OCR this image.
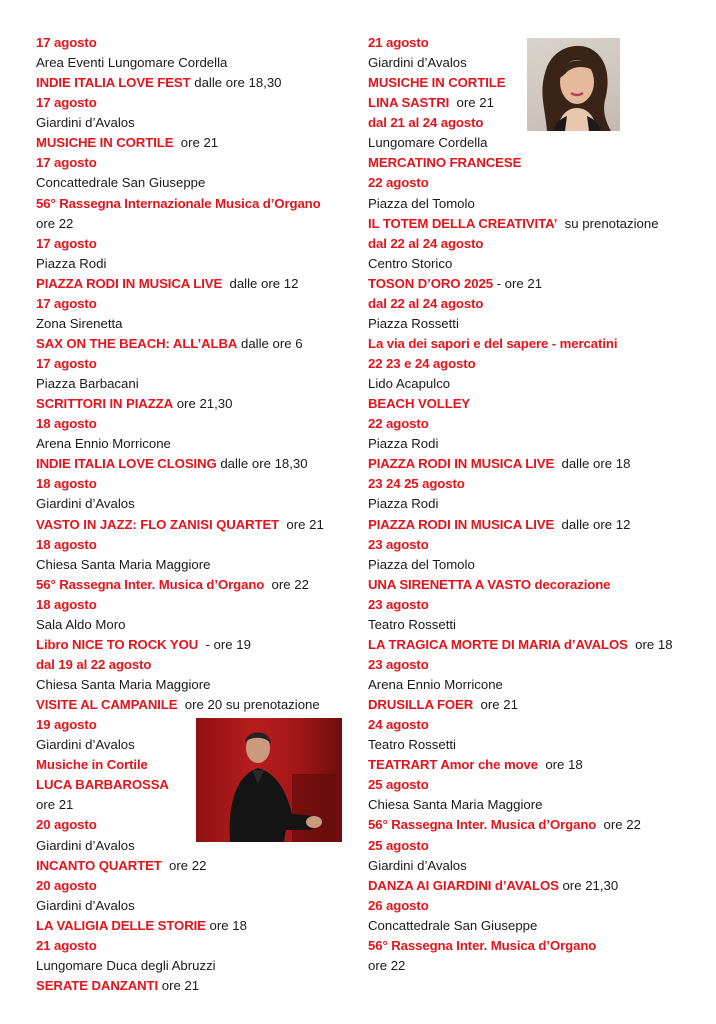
17 agosto
Area Eventi Lungomare Cordella
INDIE ITALIA LOVE FEST dalle ore 18,30
17 agosto
Giardini d’Avalos
MUSICHE IN CORTILE  ore 21
17 agosto
Concattedrale San Giuseppe
56° Rassegna Internazionale Musica d’Organo
ore 22
17 agosto
Piazza Rodi
PIAZZA RODI IN MUSICA LIVE  dalle ore 12
17 agosto
Zona Sirenetta
SAX ON THE BEACH: ALL’ALBA dalle ore 6
17 agosto
Piazza Barbacani
SCRITTORI IN PIAZZA ore 21,30
18 agosto
Arena Ennio Morricone
INDIE ITALIA LOVE CLOSING dalle ore 18,30
18 agosto
Giardini d’Avalos
VASTO IN JAZZ: FLO ZANISI QUARTET  ore 21
18 agosto
Chiesa Santa Maria Maggiore
56° Rassegna Inter. Musica d’Organo  ore 22
18 agosto
Sala Aldo Moro
Libro NICE TO ROCK YOU  - ore 19
dal 19 al 22 agosto
Chiesa Santa Maria Maggiore
VISITE AL CAMPANILE  ore 20 su prenotazione
19 agosto
Giardini d’Avalos
Musiche in Cortile
LUCA BARBAROSSA
ore 21
20 agosto
Giardini d’Avalos
INCANTO QUARTET  ore 22
20 agosto
Giardini d’Avalos
LA VALIGIA DELLE STORIE ore 18
21 agosto
Lungomare Duca degli Abruzzi
SERATE DANZANTI ore 21
21 agosto
Giardini d’Avalos
MUSICHE IN CORTILE
LINA SASTRI  ore 21
dal 21 al 24 agosto
Lungomare Cordella
MERCATINO FRANCESE
22 agosto
Piazza del Tomolo
IL TOTEM DELLA CREATIVITA’  su prenotazione
dal 22 al 24 agosto
Centro Storico
TOSON D’ORO 2025 - ore 21
dal 22 al 24 agosto
Piazza Rossetti
La via dei sapori e del sapere - mercatini
22 23 e 24 agosto
Lido Acapulco
BEACH VOLLEY
22 agosto
Piazza Rodi
PIAZZA RODI IN MUSICA LIVE  dalle ore 18
23 24 25 agosto
Piazza Rodi
PIAZZA RODI IN MUSICA LIVE  dalle ore 12
23 agosto
Piazza del Tomolo
UNA SIRENETTA A VASTO decorazione
23 agosto
Teatro Rossetti
LA TRAGICA MORTE DI MARIA d’AVALOS  ore 18
23 agosto
Arena Ennio Morricone
DRUSILLA FOER  ore 21
24 agosto
Teatro Rossetti
TEATRART Amor che move  ore 18
25 agosto
Chiesa Santa Maria Maggiore
56° Rassegna Inter. Musica d’Organo  ore 22
25 agosto
Giardini d’Avalos
DANZA AI GIARDINI d’AVALOS ore 21,30
26 agosto
Concattedrale San Giuseppe
56° Rassegna Inter. Musica d’Organo
ore 22
